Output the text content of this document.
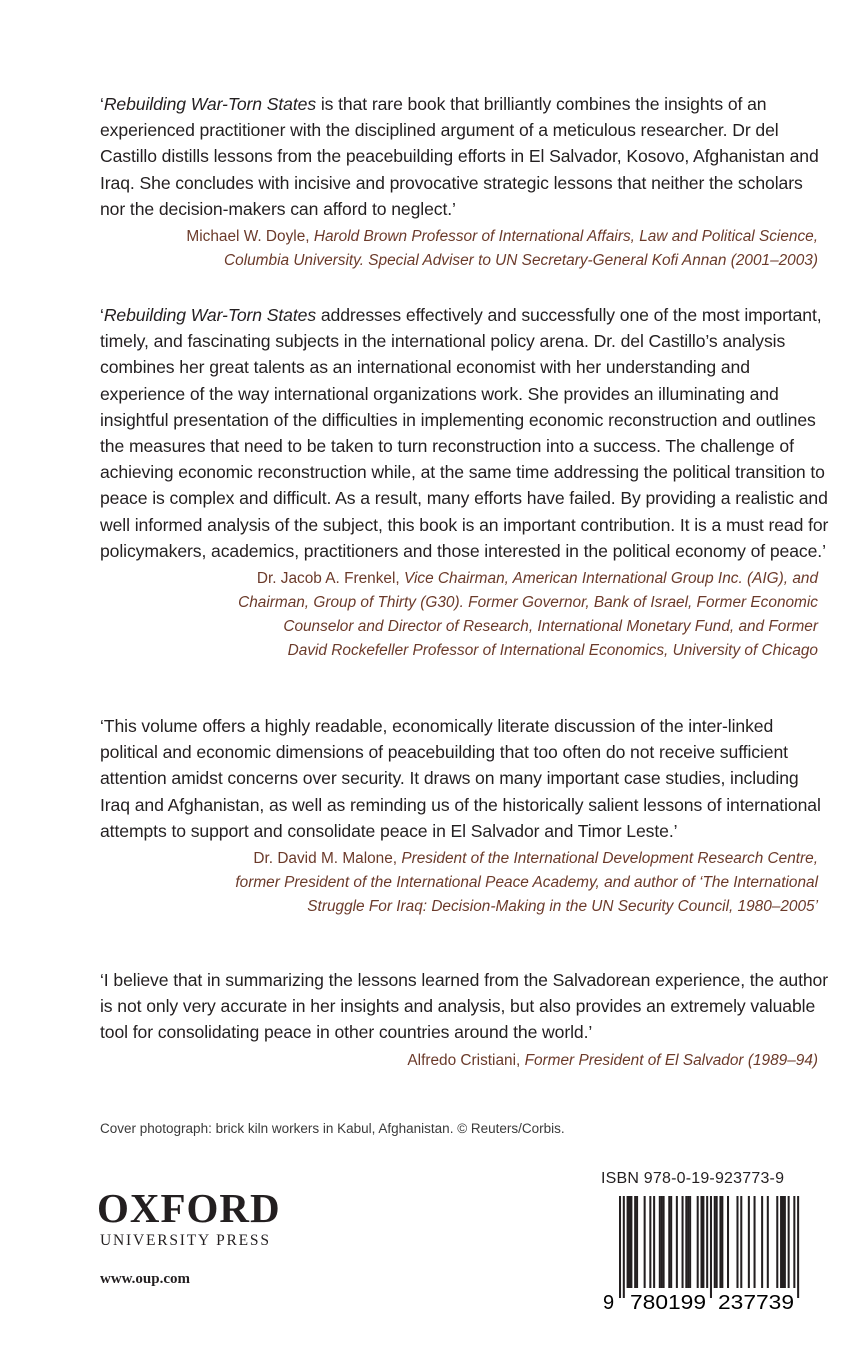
‘Rebuilding War-Torn States is that rare book that brilliantly combines the insights of an experienced practitioner with the disciplined argument of a meticulous researcher. Dr del Castillo distills lessons from the peacebuilding efforts in El Salvador, Kosovo, Afghanistan and Iraq. She concludes with incisive and provocative strategic lessons that neither the scholars nor the decision-makers can afford to neglect.’

Michael W. Doyle, Harold Brown Professor of International Affairs, Law and Political Science,
Columbia University. Special Adviser to UN Secretary-General Kofi Annan (2001–2003)

‘Rebuilding War-Torn States addresses effectively and successfully one of the most important, timely, and fascinating subjects in the international policy arena. Dr. del Castillo’s analysis combines her great talents as an international economist with her understanding and experience of the way international organizations work. She provides an illuminating and insightful presentation of the difficulties in implementing economic reconstruction and outlines the measures that need to be taken to turn reconstruction into a success. The challenge of achieving economic reconstruction while, at the same time addressing the political transition to peace is complex and difficult. As a result, many efforts have failed. By providing a realistic and well informed analysis of the subject, this book is an important contribution. It is a must read for policymakers, academics, practitioners and those interested in the political economy of peace.’

Dr. Jacob A. Frenkel, Vice Chairman, American International Group Inc. (AIG), and
Chairman, Group of Thirty (G30). Former Governor, Bank of Israel, Former Economic
Counselor and Director of Research, International Monetary Fund, and Former
David Rockefeller Professor of International Economics, University of Chicago

‘This volume offers a highly readable, economically literate discussion of the inter-linked political and economic dimensions of peacebuilding that too often do not receive sufficient attention amidst concerns over security. It draws on many important case studies, including Iraq and Afghanistan, as well as reminding us of the historically salient lessons of international attempts to support and consolidate peace in El Salvador and Timor Leste.’

Dr. David M. Malone, President of the International Development Research Centre,
former President of the International Peace Academy, and author of ‘The International
Struggle For Iraq: Decision-Making in the UN Security Council, 1980–2005’

‘I believe that in summarizing the lessons learned from the Salvadorean experience, the author is not only very accurate in her insights and analysis, but also provides an extremely valuable tool for consolidating peace in other countries around the world.’

Alfredo Cristiani, Former President of El Salvador (1989–94)
Cover photograph: brick kiln workers in Kabul, Afghanistan. © Reuters/Corbis.
OXFORD
UNIVERSITY PRESS
www.oup.com
ISBN 978-0-19-923773-9
9 780199 237739
